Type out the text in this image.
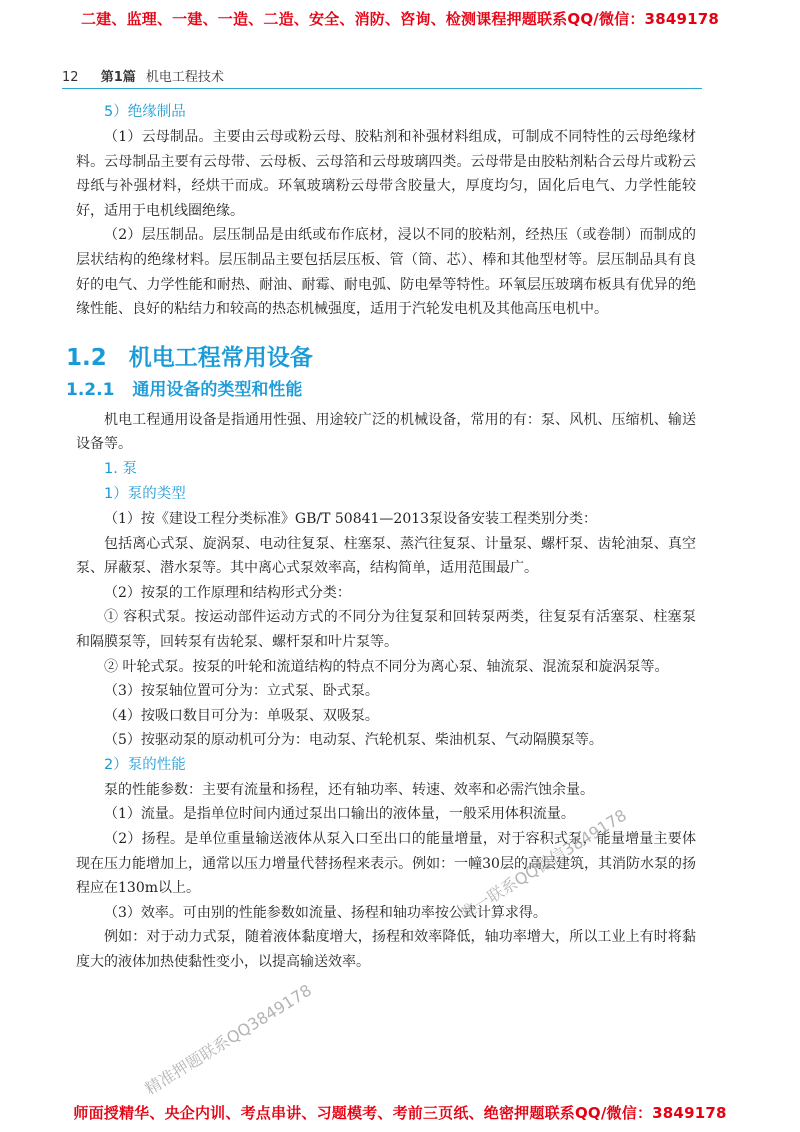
二建、监理、一建、一造、二造、安全、消防、咨询、检测课程押题联系QQ/微信：3849178
12 第1篇 机电工程技术

5）绝缘制品

（1）云母制品。主要由云母或粉云母、胶粘剂和补强材料组成，可制成不同特性的云母绝缘材料。云母制品主要有云母带、云母板、云母箔和云母玻璃四类。云母带是由胶粘剂粘合云母片或粉云母纸与补强材料，经烘干而成。环氧玻璃粉云母带含胶量大，厚度均匀，固化后电气、力学性能较好，适用于电机线圈绝缘。

（2）层压制品。层压制品是由纸或布作底材，浸以不同的胶粘剂，经热压（或卷制）而制成的层状结构的绝缘材料。层压制品主要包括层压板、管（筒、芯）、棒和其他型材等。层压制品具有良好的电气、力学性能和耐热、耐油、耐霉、耐电弧、防电晕等特性。环氧层压玻璃布板具有优异的绝缘性能、良好的粘结力和较高的热态机械强度，适用于汽轮发电机及其他高压电机中。

1.2 机电工程常用设备
1.2.1 通用设备的类型和性能

机电工程通用设备是指通用性强、用途较广泛的机械设备，常用的有：泵、风机、压缩机、输送设备等。

1. 泵

1）泵的类型

（1）按《建设工程分类标准》GB/T 50841—2013泵设备安装工程类别分类：

包括离心式泵、旋涡泵、电动往复泵、柱塞泵、蒸汽往复泵、计量泵、螺杆泵、齿轮油泵、真空泵、屏蔽泵、潜水泵等。其中离心式泵效率高，结构简单，适用范围最广。

（2）按泵的工作原理和结构形式分类：

① 容积式泵。按运动部件运动方式的不同分为往复泵和回转泵两类，往复泵有活塞泵、柱塞泵和隔膜泵等，回转泵有齿轮泵、螺杆泵和叶片泵等。

② 叶轮式泵。按泵的叶轮和流道结构的特点不同分为离心泵、轴流泵、混流泵和旋涡泵等。

（3）按泵轴位置可分为：立式泵、卧式泵。

（4）按吸口数目可分为：单吸泵、双吸泵。

（5）按驱动泵的原动机可分为：电动泵、汽轮机泵、柴油机泵、气动隔膜泵等。

2）泵的性能

泵的性能参数：主要有流量和扬程，还有轴功率、转速、效率和必需汽蚀余量。

（1）流量。是指单位时间内通过泵出口输出的液体量，一般采用体积流量。

（2）扬程。是单位重量输送液体从泵入口至出口的能量增量，对于容积式泵，能量增量主要体现在压力能增加上，通常以压力增量代替扬程来表示。例如：一幢30层的高层建筑，其消防水泵的扬程应在130m以上。

（3）效率。可由别的性能参数如流量、扬程和轴功率按公式计算求得。

例如：对于动力式泵，随着液体黏度增大，扬程和效率降低，轴功率增大，所以工业上有时将黏度大的液体加热使黏性变小，以提高输送效率。

唯一联系QQ微信3849178
精准押题联系QQ3849178
师面授精华、央企内训、考点串讲、习题模考、考前三页纸、绝密押题联系QQ/微信：3849178
